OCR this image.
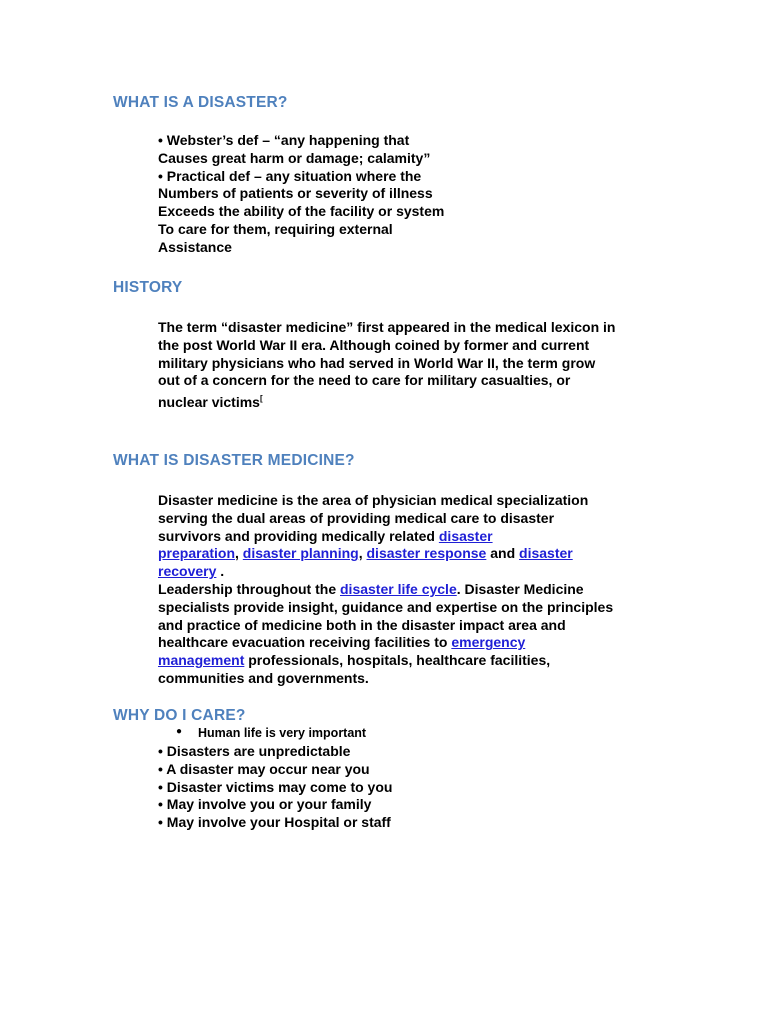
WHAT IS A DISASTER?
• Webster’s def – “any happening that
Causes great harm or damage; calamity”
• Practical def – any situation where the
Numbers of patients or severity of illness
Exceeds the ability of the facility or system
To care for them, requiring external
Assistance
HISTORY
The term “disaster medicine” first appeared in the medical lexicon in
the post World War II era. Although coined by former and current
military physicians who had served in World War II, the term grow
out of a concern for the need to care for military casualties, or
nuclear victims[
WHAT IS DISASTER MEDICINE?
Disaster medicine is the area of physician medical specialization
serving the dual areas of providing medical care to disaster
survivors and providing medically related disaster
preparation, disaster planning, disaster response and disaster
recovery .
Leadership throughout the disaster life cycle. Disaster Medicine
specialists provide insight, guidance and expertise on the principles
and practice of medicine both in the disaster impact area and
healthcare evacuation receiving facilities to emergency
management professionals, hospitals, healthcare facilities,
communities and governments.
WHY DO I CARE?
● Human life is very important
• Disasters are unpredictable
• A disaster may occur near you
• Disaster victims may come to you
• May involve you or your family
• May involve your Hospital or staff
